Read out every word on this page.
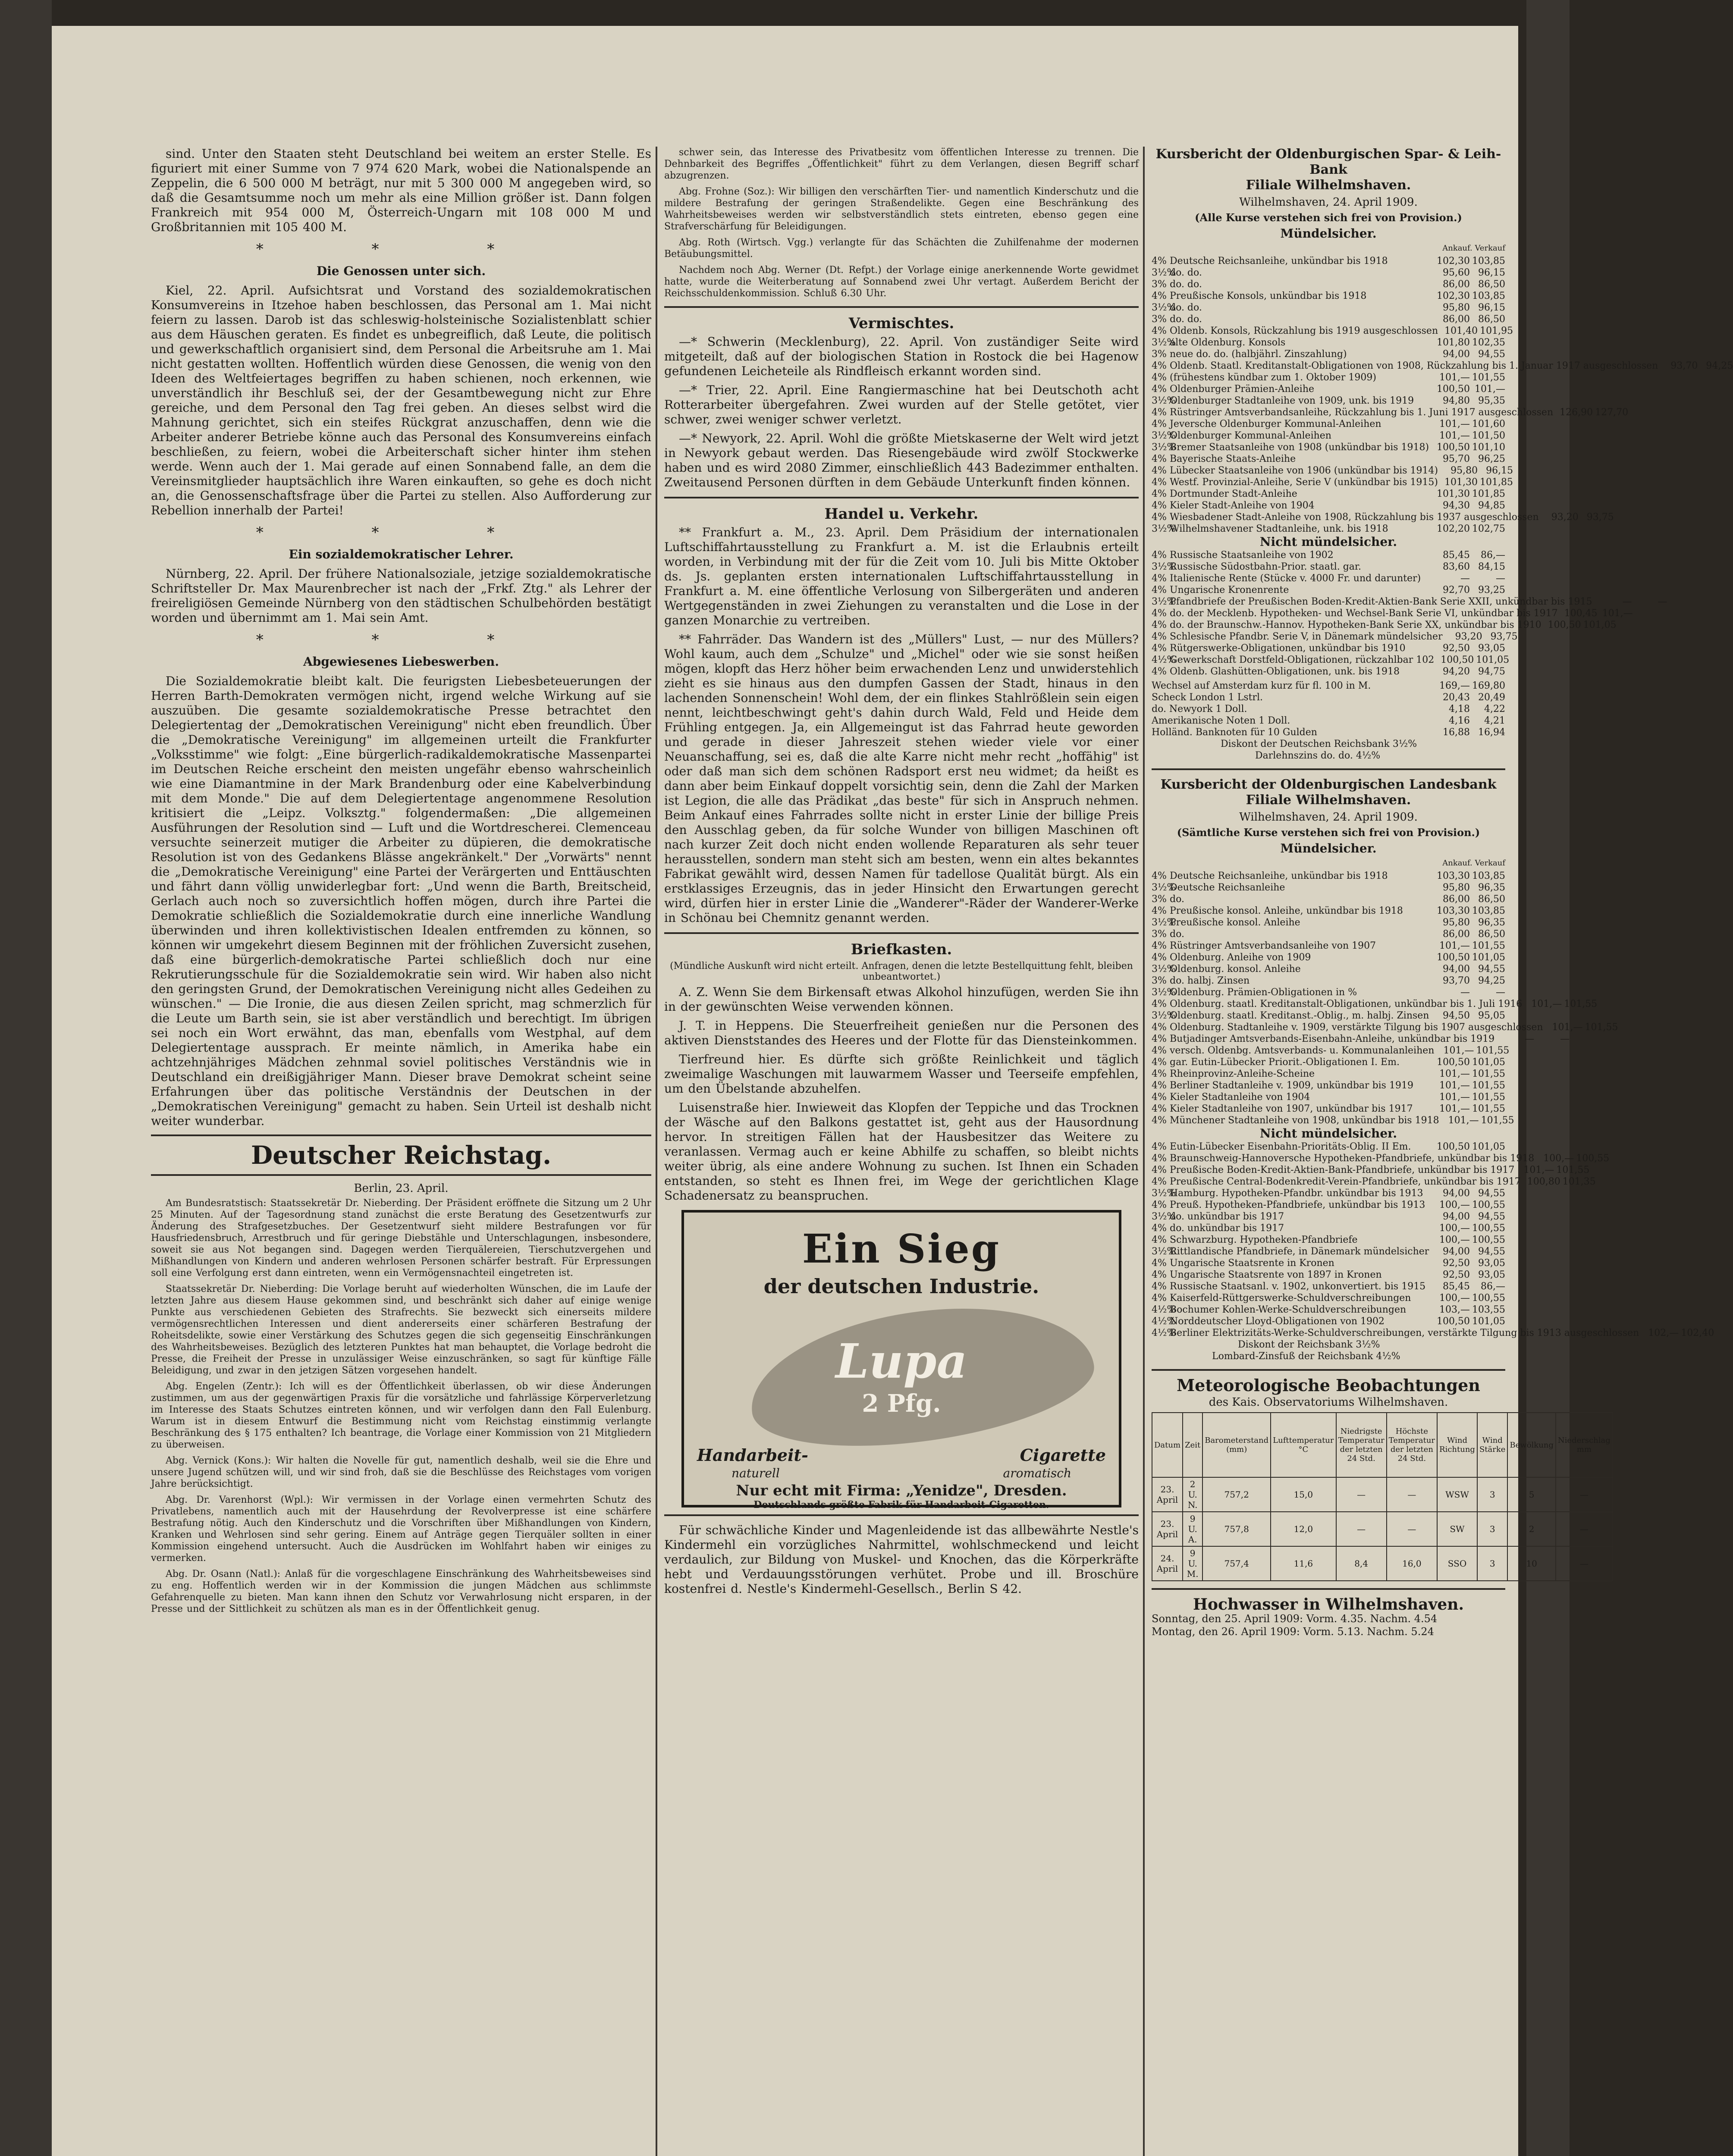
sind. Unter den Staaten steht Deutschland bei weitem an erster Stelle. Es figuriert mit einer Summe von 7 974 620 Mark, wobei die Nationalspende an Zeppelin, die 6 500 000 M beträgt, nur mit 5 300 000 M angegeben wird, so daß die Gesamtsumme noch um mehr als eine Million größer ist. Dann folgen Frankreich mit 954 000 M, Österreich-Ungarn mit 108 000 M und Großbritannien mit 105 400 M.

* * *
Die Genossen unter sich.

Kiel, 22. April. Aufsichtsrat und Vorstand des sozialdemokratischen Konsumvereins in Itzehoe haben beschlossen, das Personal am 1. Mai nicht feiern zu lassen. Darob ist das schleswig-holsteinische Sozialistenblatt schier aus dem Häuschen geraten. Es findet es unbegreiflich, daß Leute, die politisch und gewerkschaftlich organisiert sind, dem Personal die Arbeitsruhe am 1. Mai nicht gestatten wollten. Hoffentlich würden diese Genossen, die wenig von den Ideen des Weltfeiertages begriffen zu haben schienen, noch erkennen, wie unverständlich ihr Beschluß sei, der der Gesamtbewegung nicht zur Ehre gereiche, und dem Personal den Tag frei geben. An dieses selbst wird die Mahnung gerichtet, sich ein steifes Rückgrat anzuschaffen, denn wie die Arbeiter anderer Betriebe könne auch das Personal des Konsumvereins einfach beschließen, zu feiern, wobei die Arbeiterschaft sicher hinter ihm stehen werde. Wenn auch der 1. Mai gerade auf einen Sonnabend falle, an dem die Vereinsmitglieder hauptsächlich ihre Waren einkauften, so gehe es doch nicht an, die Genossenschaftsfrage über die Partei zu stellen. Also Aufforderung zur Rebellion innerhalb der Partei!

* * *
Ein sozialdemokratischer Lehrer.

Nürnberg, 22. April. Der frühere Nationalsoziale, jetzige sozialdemokratische Schriftsteller Dr. Max Maurenbrecher ist nach der „Frkf. Ztg." als Lehrer der freireligiösen Gemeinde Nürnberg von den städtischen Schulbehörden bestätigt worden und übernimmt am 1. Mai sein Amt.

* * *
Abgewiesenes Liebeswerben.

Die Sozialdemokratie bleibt kalt. Die feurigsten Liebesbeteuerungen der Herren Barth-Demokraten vermögen nicht, irgend welche Wirkung auf sie auszuüben. Die gesamte sozialdemokratische Presse betrachtet den Delegiertentag der „Demokratischen Vereinigung" nicht eben freundlich. Über die „Demokratische Vereinigung" im allgemeinen urteilt die Frankfurter „Volksstimme" wie folgt: „Eine bürgerlich-radikaldemokratische Massenpartei im Deutschen Reiche erscheint den meisten ungefähr ebenso wahrscheinlich wie eine Diamantmine in der Mark Brandenburg oder eine Kabelverbindung mit dem Monde." Die auf dem Delegiertentage angenommene Resolution kritisiert die „Leipz. Volksztg." folgendermaßen: „Die allgemeinen Ausführungen der Resolution sind — Luft und die Wortdrescherei. Clemenceau versuchte seinerzeit mutiger die Arbeiter zu düpieren, die demokratische Resolution ist von des Gedankens Blässe angekränkelt." Der „Vorwärts" nennt die „Demokratische Vereinigung" eine Partei der Verärgerten und Enttäuschten und fährt dann völlig unwiderlegbar fort: „Und wenn die Barth, Breitscheid, Gerlach auch noch so zuversichtlich hoffen mögen, durch ihre Partei die Demokratie schließlich die Sozialdemokratie durch eine innerliche Wandlung überwinden und ihren kollektivistischen Idealen entfremden zu können, so können wir umgekehrt diesem Beginnen mit der fröhlichen Zuversicht zusehen, daß eine bürgerlich-demokratische Partei schließlich doch nur eine Rekrutierungsschule für die Sozialdemokratie sein wird. Wir haben also nicht den geringsten Grund, der Demokratischen Vereinigung nicht alles Gedeihen zu wünschen." — Die Ironie, die aus diesen Zeilen spricht, mag schmerzlich für die Leute um Barth sein, sie ist aber verständlich und berechtigt. Im übrigen sei noch ein Wort erwähnt, das man, ebenfalls vom Westphal, auf dem Delegiertentage aussprach. Er meinte nämlich, in Amerika habe ein achtzehnjähriges Mädchen zehnmal soviel politisches Verständnis wie in Deutschland ein dreißigjähriger Mann. Dieser brave Demokrat scheint seine Erfahrungen über das politische Verständnis der Deutschen in der „Demokratischen Vereinigung" gemacht zu haben. Sein Urteil ist deshalb nicht weiter wunderbar.

Deutscher Reichstag.
Berlin, 23. April.

Am Bundesratstisch: Staatssekretär Dr. Nieberding. Der Präsident eröffnete die Sitzung um 2 Uhr 25 Minuten. Auf der Tagesordnung stand zunächst die erste Beratung des Gesetzentwurfs zur Änderung des Strafgesetzbuches. Der Gesetzentwurf sieht mildere Bestrafungen vor für Hausfriedensbruch, Arrestbruch und für geringe Diebstähle und Unterschlagungen, insbesondere, soweit sie aus Not begangen sind. Dagegen werden Tierquälereien, Tierschutzvergehen und Mißhandlungen von Kindern und anderen wehrlosen Personen schärfer bestraft. Für Erpressungen soll eine Verfolgung erst dann eintreten, wenn ein Vermögensnachteil eingetreten ist.

Staatssekretär Dr. Nieberding: Die Vorlage beruht auf wiederholten Wünschen, die im Laufe der letzten Jahre aus diesem Hause gekommen sind, und beschränkt sich daher auf einige wenige Punkte aus verschiedenen Gebieten des Strafrechts. Sie bezweckt sich einerseits mildere vermögensrechtlichen Interessen und dient andererseits einer schärferen Bestrafung der Roheitsdelikte, sowie einer Verstärkung des Schutzes gegen die sich gegenseitig Einschränkungen des Wahrheitsbeweises. Bezüglich des letzteren Punktes hat man behauptet, die Vorlage bedroht die Presse, die Freiheit der Presse in unzulässiger Weise einzuschränken, so sagt für künftige Fälle Beleidigung, und zwar in den jetzigen Sätzen vorgesehen handelt.

Abg. Engelen (Zentr.): Ich will es der Öffentlichkeit überlassen, ob wir diese Änderungen zustimmen, um aus der gegenwärtigen Praxis für die vorsätzliche und fahrlässige Körperverletzung im Interesse des Staats Schutzes eintreten können, und wir verfolgen dann den Fall Eulenburg. Warum ist in diesem Entwurf die Bestimmung nicht vom Reichstag einstimmig verlangte Beschränkung des § 175 enthalten? Ich beantrage, die Vorlage einer Kommission von 21 Mitgliedern zu überweisen.

Abg. Vernick (Kons.): Wir halten die Novelle für gut, namentlich deshalb, weil sie die Ehre und unsere Jugend schützen will, und wir sind froh, daß sie die Beschlüsse des Reichstages vom vorigen Jahre berücksichtigt.

Abg. Dr. Varenhorst (Wpl.): Wir vermissen in der Vorlage einen vermehrten Schutz des Privatlebens, namentlich auch mit der Hausehrdung der Revolverpresse ist eine schärfere Bestrafung nötig. Auch den Kinderschutz und die Vorschriften über Mißhandlungen von Kindern, Kranken und Wehrlosen sind sehr gering. Einem auf Anträge gegen Tierquäler sollten in einer Kommission eingehend untersucht. Auch die Ausdrücken im Wohlfahrt haben wir einiges zu vermerken.

Abg. Dr. Osann (Natl.): Anlaß für die vorgeschlagene Einschränkung des Wahrheitsbeweises sind zu eng. Hoffentlich werden wir in der Kommission die jungen Mädchen aus schlimmste Gefahrenquelle zu bieten. Man kann ihnen den Schutz vor Verwahrlosung nicht ersparen, in der Presse und der Sittlichkeit zu schützen als man es in der Öffentlichkeit genug.

schwer sein, das Interesse des Privatbesitz vom öffentlichen Interesse zu trennen. Die Dehnbarkeit des Begriffes „Öffentlichkeit" führt zu dem Verlangen, diesen Begriff scharf abzugrenzen.

Abg. Frohne (Soz.): Wir billigen den verschärften Tier- und namentlich Kinderschutz und die mildere Bestrafung der geringen Straßendelikte. Gegen eine Beschränkung des Wahrheitsbeweises werden wir selbstverständlich stets eintreten, ebenso gegen eine Strafverschärfung für Beleidigungen.

Abg. Roth (Wirtsch. Vgg.) verlangte für das Schächten die Zuhilfenahme der modernen Betäubungsmittel.

Nachdem noch Abg. Werner (Dt. Refpt.) der Vorlage einige anerkennende Worte gewidmet hatte, wurde die Weiterberatung auf Sonnabend zwei Uhr vertagt. Außerdem Bericht der Reichsschuldenkommission. Schluß 6.30 Uhr.

Vermischtes.

—* Schwerin (Mecklenburg), 22. April. Von zuständiger Seite wird mitgeteilt, daß auf der biologischen Station in Rostock die bei Hagenow gefundenen Leicheteile als Rindfleisch erkannt worden sind.

—* Trier, 22. April. Eine Rangiermaschine hat bei Deutschoth acht Rotterarbeiter übergefahren. Zwei wurden auf der Stelle getötet, vier schwer, zwei weniger schwer verletzt.

—* Newyork, 22. April. Wohl die größte Mietskaserne der Welt wird jetzt in Newyork gebaut werden. Das Riesengebäude wird zwölf Stockwerke haben und es wird 2080 Zimmer, einschließlich 443 Badezimmer enthalten. Zweitausend Personen dürften in dem Gebäude Unterkunft finden können.

Handel u. Verkehr.

** Frankfurt a. M., 23. April. Dem Präsidium der internationalen Luftschiffahrtausstellung zu Frankfurt a. M. ist die Erlaubnis erteilt worden, in Verbindung mit der für die Zeit vom 10. Juli bis Mitte Oktober ds. Js. geplanten ersten internationalen Luftschiffahrtausstellung in Frankfurt a. M. eine öffentliche Verlosung von Silbergeräten und anderen Wertgegenständen in zwei Ziehungen zu veranstalten und die Lose in der ganzen Monarchie zu vertreiben.

** Fahrräder. Das Wandern ist des „Müllers" Lust, — nur des Müllers? Wohl kaum, auch dem „Schulze" und „Michel" oder wie sie sonst heißen mögen, klopft das Herz höher beim erwachenden Lenz und unwiderstehlich zieht es sie hinaus aus den dumpfen Gassen der Stadt, hinaus in den lachenden Sonnenschein! Wohl dem, der ein flinkes Stahlrößlein sein eigen nennt, leichtbeschwingt geht's dahin durch Wald, Feld und Heide dem Frühling entgegen. Ja, ein Allgemeingut ist das Fahrrad heute geworden und gerade in dieser Jahreszeit stehen wieder viele vor einer Neuanschaffung, sei es, daß die alte Karre nicht mehr recht „hoffähig" ist oder daß man sich dem schönen Radsport erst neu widmet; da heißt es dann aber beim Einkauf doppelt vorsichtig sein, denn die Zahl der Marken ist Legion, die alle das Prädikat „das beste" für sich in Anspruch nehmen. Beim Ankauf eines Fahrrades sollte nicht in erster Linie der billige Preis den Ausschlag geben, da für solche Wunder von billigen Maschinen oft nach kurzer Zeit doch nicht enden wollende Reparaturen als sehr teuer herausstellen, sondern man steht sich am besten, wenn ein altes bekanntes Fabrikat gewählt wird, dessen Namen für tadellose Qualität bürgt. Als ein erstklassiges Erzeugnis, das in jeder Hinsicht den Erwartungen gerecht wird, dürfen hier in erster Linie die „Wanderer"-Räder der Wanderer-Werke in Schönau bei Chemnitz genannt werden.

Briefkasten.
(Mündliche Auskunft wird nicht erteilt. Anfragen, denen die letzte Bestellquittung fehlt, bleiben unbeantwortet.)

A. Z. Wenn Sie dem Birkensaft etwas Alkohol hinzufügen, werden Sie ihn in der gewünschten Weise verwenden können.

J. T. in Heppens. Die Steuerfreiheit genießen nur die Personen des aktiven Dienststandes des Heeres und der Flotte für das Diensteinkommen.

Tierfreund hier. Es dürfte sich größte Reinlichkeit und täglich zweimalige Waschungen mit lauwarmem Wasser und Teerseife empfehlen, um den Übelstande abzuhelfen.

Luisenstraße hier. Inwieweit das Klopfen der Teppiche und das Trocknen der Wäsche auf den Balkons gestattet ist, geht aus der Hausordnung hervor. In streitigen Fällen hat der Hausbesitzer das Weitere zu veranlassen. Vermag auch er keine Abhilfe zu schaffen, so bleibt nichts weiter übrig, als eine andere Wohnung zu suchen. Ist Ihnen ein Schaden entstanden, so steht es Ihnen frei, im Wege der gerichtlichen Klage Schadenersatz zu beanspruchen.

Ein Sieg
der deutschen Industrie.
Lupa
2 Pfg.
Handarbeit-	Cigarette
naturell	aromatisch
Nur echt mit Firma: „Yenidze", Dresden.
Deutschlands größte Fabrik für Handarbeit-Cigaretten.

Für schwächliche Kinder und Magenleidende ist das allbewährte Nestle's Kindermehl ein vorzügliches Nahrmittel, wohlschmeckend und leicht verdaulich, zur Bildung von Muskel- und Knochen, das die Körperkräfte hebt und Verdauungsstörungen verhütet. Probe und ill. Broschüre kostenfrei d. Nestle's Kindermehl-Gesellsch., Berlin S 42.

Kursbericht der Oldenburgischen Spar- & Leih-Bank
Filiale Wilhelmshaven.
Wilhelmshaven, 24. April 1909.
(Alle Kurse verstehen sich frei von Provision.)
Mündelsicher.
Ankauf. Verkauf
4% Deutsche Reichsanleihe, unkündbar bis 1918	102,30 103,85
3½%
do. do.	95,60 96,15
3% do. do.	86,00 86,50
4% Preußische Konsols, unkündbar bis 1918	102,30 103,85
3½%
do. do.	95,80 96,15
3% do. do.	86,00 86,50
4% Oldenb. Konsols, Rückzahlung bis 1919 ausgeschlossen 101,40 101,95
3½%
alte Oldenburg. Konsols	101,80 102,35
3% neue do. do. (halbjährl. Zinszahlung)	94,00 94,55
4% Oldenb. Staatl. Kreditanstalt-Obligationen von 1908, Rückzahlung bis 1. Januar 1917 ausgeschlossen	93,70 94,25
4% (frühestens kündbar zum 1. Oktober 1909)	101,— 101,55
4% Oldenburger Prämien-Anleihe	100,50 101,—
3½%
Oldenburger Stadtanleihe von 1909, unk. bis 1919	94,80 95,35
4% Rüstringer Amtsverbandsanleihe, Rückzahlung bis 1. Juni 1917 ausgeschlossen 126,90 127,70
4% Jeversche Oldenburger Kommunal-Anleihen	101,— 101,60
3½%
Oldenburger Kommunal-Anleihen	101,— 101,50
3½%
Bremer Staatsanleihe von 1908 (unkündbar bis 1918) 100,50 101,10
4% Bayerische Staats-Anleihe	95,70 96,25
4% Lübecker Staatsanleihe von 1906 (unkündbar bis 1914)	95,80 96,15
4% Westf. Provinzial-Anleihe, Serie V (unkündbar bis 1915) 101,30 101,85
4% Dortmunder Stadt-Anleihe	101,30 101,85
4% Kieler Stadt-Anleihe von 1904	94,30 94,85
4% Wiesbadener Stadt-Anleihe von 1908, Rückzahlung bis 1937 ausgeschlossen	93,20 93,75
3½%
Wilhelmshavener Stadtanleihe, unk. bis 1918	102,20 102,75
Nicht mündelsicher.
4% Russische Staatsanleihe von 1902	85,45	86,—
3½%
Russische Südostbahn-Prior. staatl. gar.	83,60 84,15
4% Italienische Rente (Stücke v. 4000 Fr. und darunter)	—	—
4% Ungarische Kronenrente	92,70 93,25
3½%
Pfandbriefe der Preußischen Boden-Kredit-Aktien-Bank Serie XXII, unkündbar bis 1915	—	—
4% do. der Mecklenb. Hypotheken- und Wechsel-Bank Serie VI, unkündbar bis 1917 100,45 101,—
4% do. der Braunschw.-Hannov. Hypotheken-Bank Serie XX, unkündbar bis 1910 100,50 101,05
4% Schlesische Pfandbr. Serie V, in Dänemark mündelsicher	93,20 93,75
4% Rütgerswerke-Obligationen, unkündbar bis 1910	92,50 93,05
4½%
Gewerkschaft Dorstfeld-Obligationen, rückzahlbar 102 100,50 101,05
4% Oldenb. Glashütten-Obligationen, unk. bis 1918	94,20 94,75
Wechsel auf Amsterdam kurz für fl. 100 in M.	169,— 169,80
Scheck London 1 Lstrl.	20,43 20,49
do. Newyork 1 Doll.	4,18	4,22
Amerikanische Noten 1 Doll.	4,16	4,21
Holländ. Banknoten für 10 Gulden	16,88 16,94
Diskont der Deutschen Reichsbank 3½%
Darlehnszins do. do. 4½%
Kursbericht der Oldenburgischen Landesbank
Filiale Wilhelmshaven.
Wilhelmshaven, 24. April 1909.
(Sämtliche Kurse verstehen sich frei von Provision.)
Mündelsicher.
Ankauf. Verkauf
4% Deutsche Reichsanleihe, unkündbar bis 1918	103,30 103,85
3½%
Deutsche Reichsanleihe	95,80 96,35
3% do.	86,00 86,50
4% Preußische konsol. Anleihe, unkündbar bis 1918	103,30 103,85
3½%
Preußische konsol. Anleihe	95,80 96,35
3% do.	86,00 86,50
4% Rüstringer Amtsverbandsanleihe von 1907	101,— 101,55
4% Oldenburg. Anleihe von 1909	100,50 101,05
3½%
Oldenburg. konsol. Anleihe	94,00 94,55
3% do. halbj. Zinsen	93,70 94,25
3½%
Oldenburg. Prämien-Obligationen in %	—	—
4% Oldenburg. staatl. Kreditanstalt-Obligationen, unkündbar bis 1. Juli 1916 101,— 101,55
3½%
Oldenburg. staatl. Kreditanst.-Oblig., m. halbj. Zinsen	94,50 95,05
4% Oldenburg. Stadtanleihe v. 1909, verstärkte Tilgung bis 1907 ausgeschlossen 101,— 101,55
4% Butjadinger Amtsverbands-Eisenbahn-Anleihe, unkündbar bis 1919	—	—
4% versch. Oldenbg. Amtsverbands- u. Kommunalanleihen 101,— 101,55
4% gar. Eutin-Lübecker Priorit.-Obligationen I. Em.	100,50 101,05
4% Rheinprovinz-Anleihe-Scheine	101,— 101,55
4% Berliner Stadtanleihe v. 1909, unkündbar bis 1919	101,— 101,55
4% Kieler Stadtanleihe von 1904	101,— 101,55
4% Kieler Stadtanleihe von 1907, unkündbar bis 1917	101,— 101,55
4% Münchener Stadtanleihe von 1908, unkündbar bis 1918 101,— 101,55
Nicht mündelsicher.
4% Eutin-Lübecker Eisenbahn-Prioritäts-Oblig. II Em.	100,50 101,05
4% Braunschweig-Hannoversche Hypotheken-Pfandbriefe, unkündbar bis 1918 100,— 100,55
4% Preußische Boden-Kredit-Aktien-Bank-Pfandbriefe, unkündbar bis 1917 101,— 101,55
4% Preußische Central-Bodenkredit-Verein-Pfandbriefe, unkündbar bis 1917 100,80 101,35
3½%
Hamburg. Hypotheken-Pfandbr. unkündbar bis 1913	94,00 94,55
4% Preuß. Hypotheken-Pfandbriefe, unkündbar bis 1913	100,— 100,55
3½%
do. unkündbar bis 1917	94,00 94,55
4% do. unkündbar bis 1917	100,— 100,55
4% Schwarzburg. Hypotheken-Pfandbriefe	100,— 100,55
3½%
Rittlandische Pfandbriefe, in Dänemark mündelsicher	94,00 94,55
4% Ungarische Staatsrente in Kronen	92,50 93,05
4% Ungarische Staatsrente von 1897 in Kronen	92,50 93,05
4% Russische Staatsanl. v. 1902, unkonvertiert. bis 1915	85,45	86,—
4% Kaiserfeld-Rüttgerswerke-Schuldverschreibungen	100,— 100,55
4½%
Bochumer Kohlen-Werke-Schuldverschreibungen	103,— 103,55
4½%
Norddeutscher Lloyd-Obligationen von 1902	100,50 101,05
4½%
Berliner Elektrizitäts-Werke-Schuldverschreibungen, verstärkte Tilgung bis 1913 ausgeschlossen 102,— 102,40
Diskont der Reichsbank 3½%
Lombard-Zinsfuß der Reichsbank 4½%
Meteorologische Beobachtungen
des Kais. Observatoriums Wilhelmshaven.
Datum	Zeit	Barometerstand (mm)	Lufttemperatur °C	Niedrigste Temperatur der letzten 24 Std.	Höchste Temperatur der letzten 24 Std.	Wind Richtung	Wind Stärke	Bewölkung	Niederschlag mm
23. April	2 U. N.	757,2	15,0	—	—	WSW	3	5	—
23. April	9 U. A.	757,8	12,0	—	—	SW	3	2	—
24. April	9 U. M.	757,4	11,6	8,4	16,0	SSO	3	10	—
Hochwasser in Wilhelmshaven.
Sonntag, den 25. April 1909: Vorm. 4.35. Nachm. 4.54
Montag, den 26. April 1909: Vorm. 5.13. Nachm. 5.24
